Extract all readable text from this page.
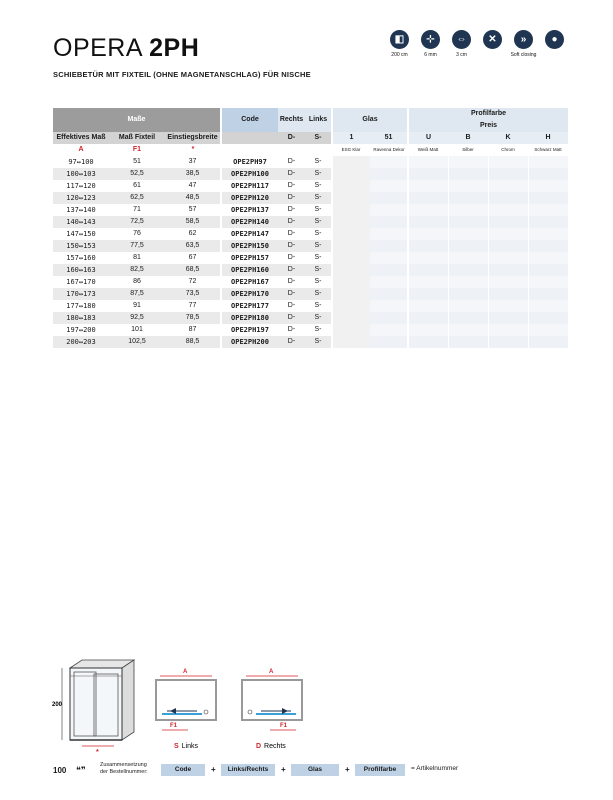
OPERA 2PH
SCHIEBETÜR MIT FIXTEIL (OHNE MAGNETANSCHLAG) FÜR NISCHE
◧
200 cm
⊹
6 mm
⇔
3 cm
✕	»
Soft closing
●
Maße			Code	Rechts	Links	Glas		Profilfarbe
Preis			

Effektives Maß	Maß Fixteil	Einstiegsbreite		D-	S-	1	51	U	B	K	H
A	F1	*				ESG Klar	Ravenna Dekor	Weiß Matt	Silber	Chrom	Schwarz Matt
97↔100	51	37	OPE2PH97	D-	S-						
100↔103	52,5	38,5	OPE2PH100	D-	S-						
117↔120	61	47	OPE2PH117	D-	S-						
120↔123	62,5	48,5	OPE2PH120	D-	S-						
137↔140	71	57	OPE2PH137	D-	S-						
140↔143	72,5	58,5	OPE2PH140	D-	S-						
147↔150	76	62	OPE2PH147	D-	S-						
150↔153	77,5	63,5	OPE2PH150	D-	S-						
157↔160	81	67	OPE2PH157	D-	S-						
160↔163	82,5	68,5	OPE2PH160	D-	S-						
167↔170	86	72	OPE2PH167	D-	S-						
170↔173	87,5	73,5	OPE2PH170	D-	S-						
177↔180	91	77	OPE2PH177	D-	S-						
180↔183	92,5	78,5	OPE2PH180	D-	S-						
197↔200	101	87	OPE2PH197	D-	S-						
200↔203	102,5	88,5	OPE2PH200	D-	S-						
200
*
A
F1
S Links
A
F1
D Rechts
100 ❝❞	Zusammensetzung
der Bestellnummer:	Code	+	Links/Rechts	+	Glas	+	Profilfarbe	= Artikelnummer
